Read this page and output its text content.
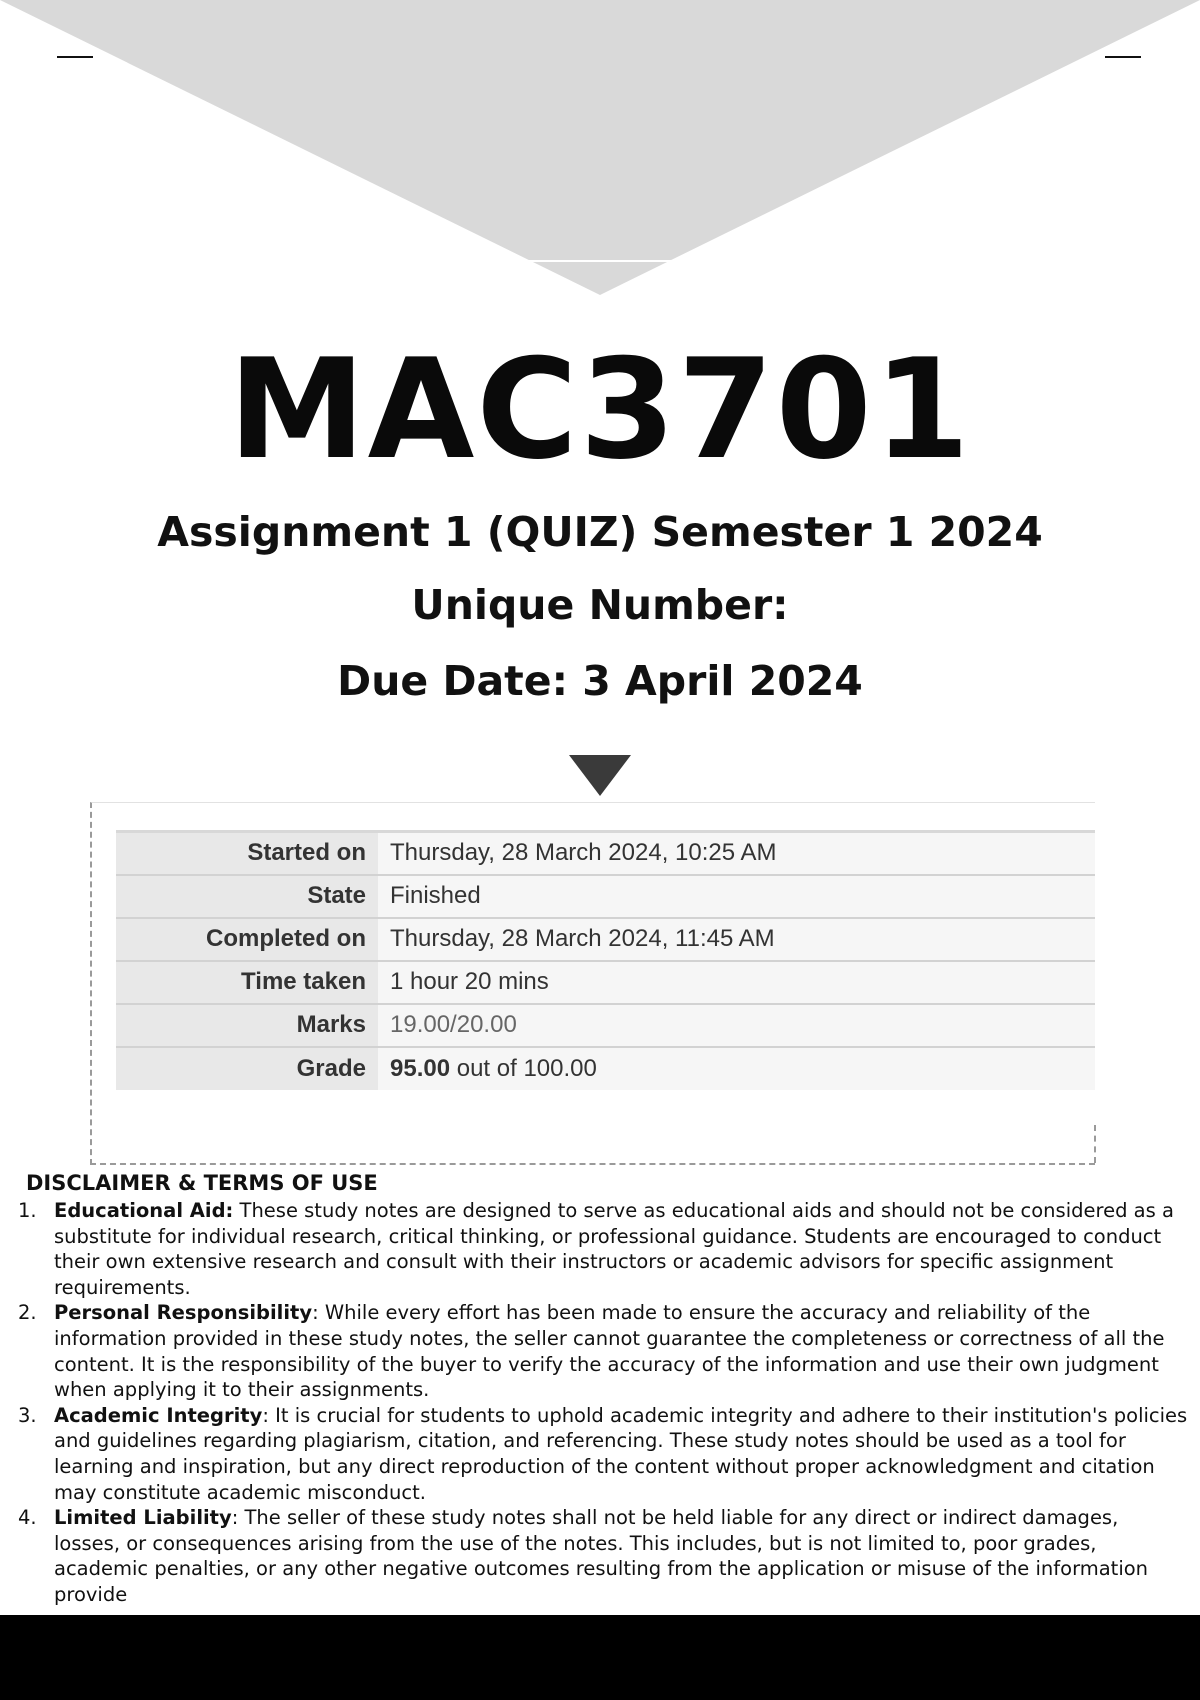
MAC3701
Assignment 1 (QUIZ) Semester 1 2024
Unique Number:
Due Date: 3 April 2024
Started on	Thursday, 28 March 2024, 10:25 AM
State	Finished
Completed on	Thursday, 28 March 2024, 11:45 AM
Time taken	1 hour 20 mins
Marks	19.00/20.00
Grade	95.00 out of 100.00
DISCLAIMER & TERMS OF USE
1. Educational Aid: These study notes are designed to serve as educational aids and should not be considered as a substitute for individual research, critical thinking, or professional guidance. Students are encouraged to conduct their own extensive research and consult with their instructors or academic advisors for specific assignment requirements.
2. Personal Responsibility: While every effort has been made to ensure the accuracy and reliability of the information provided in these study notes, the seller cannot guarantee the completeness or correctness of all the content. It is the responsibility of the buyer to verify the accuracy of the information and use their own judgment when applying it to their assignments.
3. Academic Integrity: It is crucial for students to uphold academic integrity and adhere to their institution's policies and guidelines regarding plagiarism, citation, and referencing. These study notes should be used as a tool for learning and inspiration, but any direct reproduction of the content without proper acknowledgment and citation may constitute academic misconduct.
4. Limited Liability: The seller of these study notes shall not be held liable for any direct or indirect damages, losses, or consequences arising from the use of the notes. This includes, but is not limited to, poor grades, academic penalties, or any other negative outcomes resulting from the application or misuse of the information provide
